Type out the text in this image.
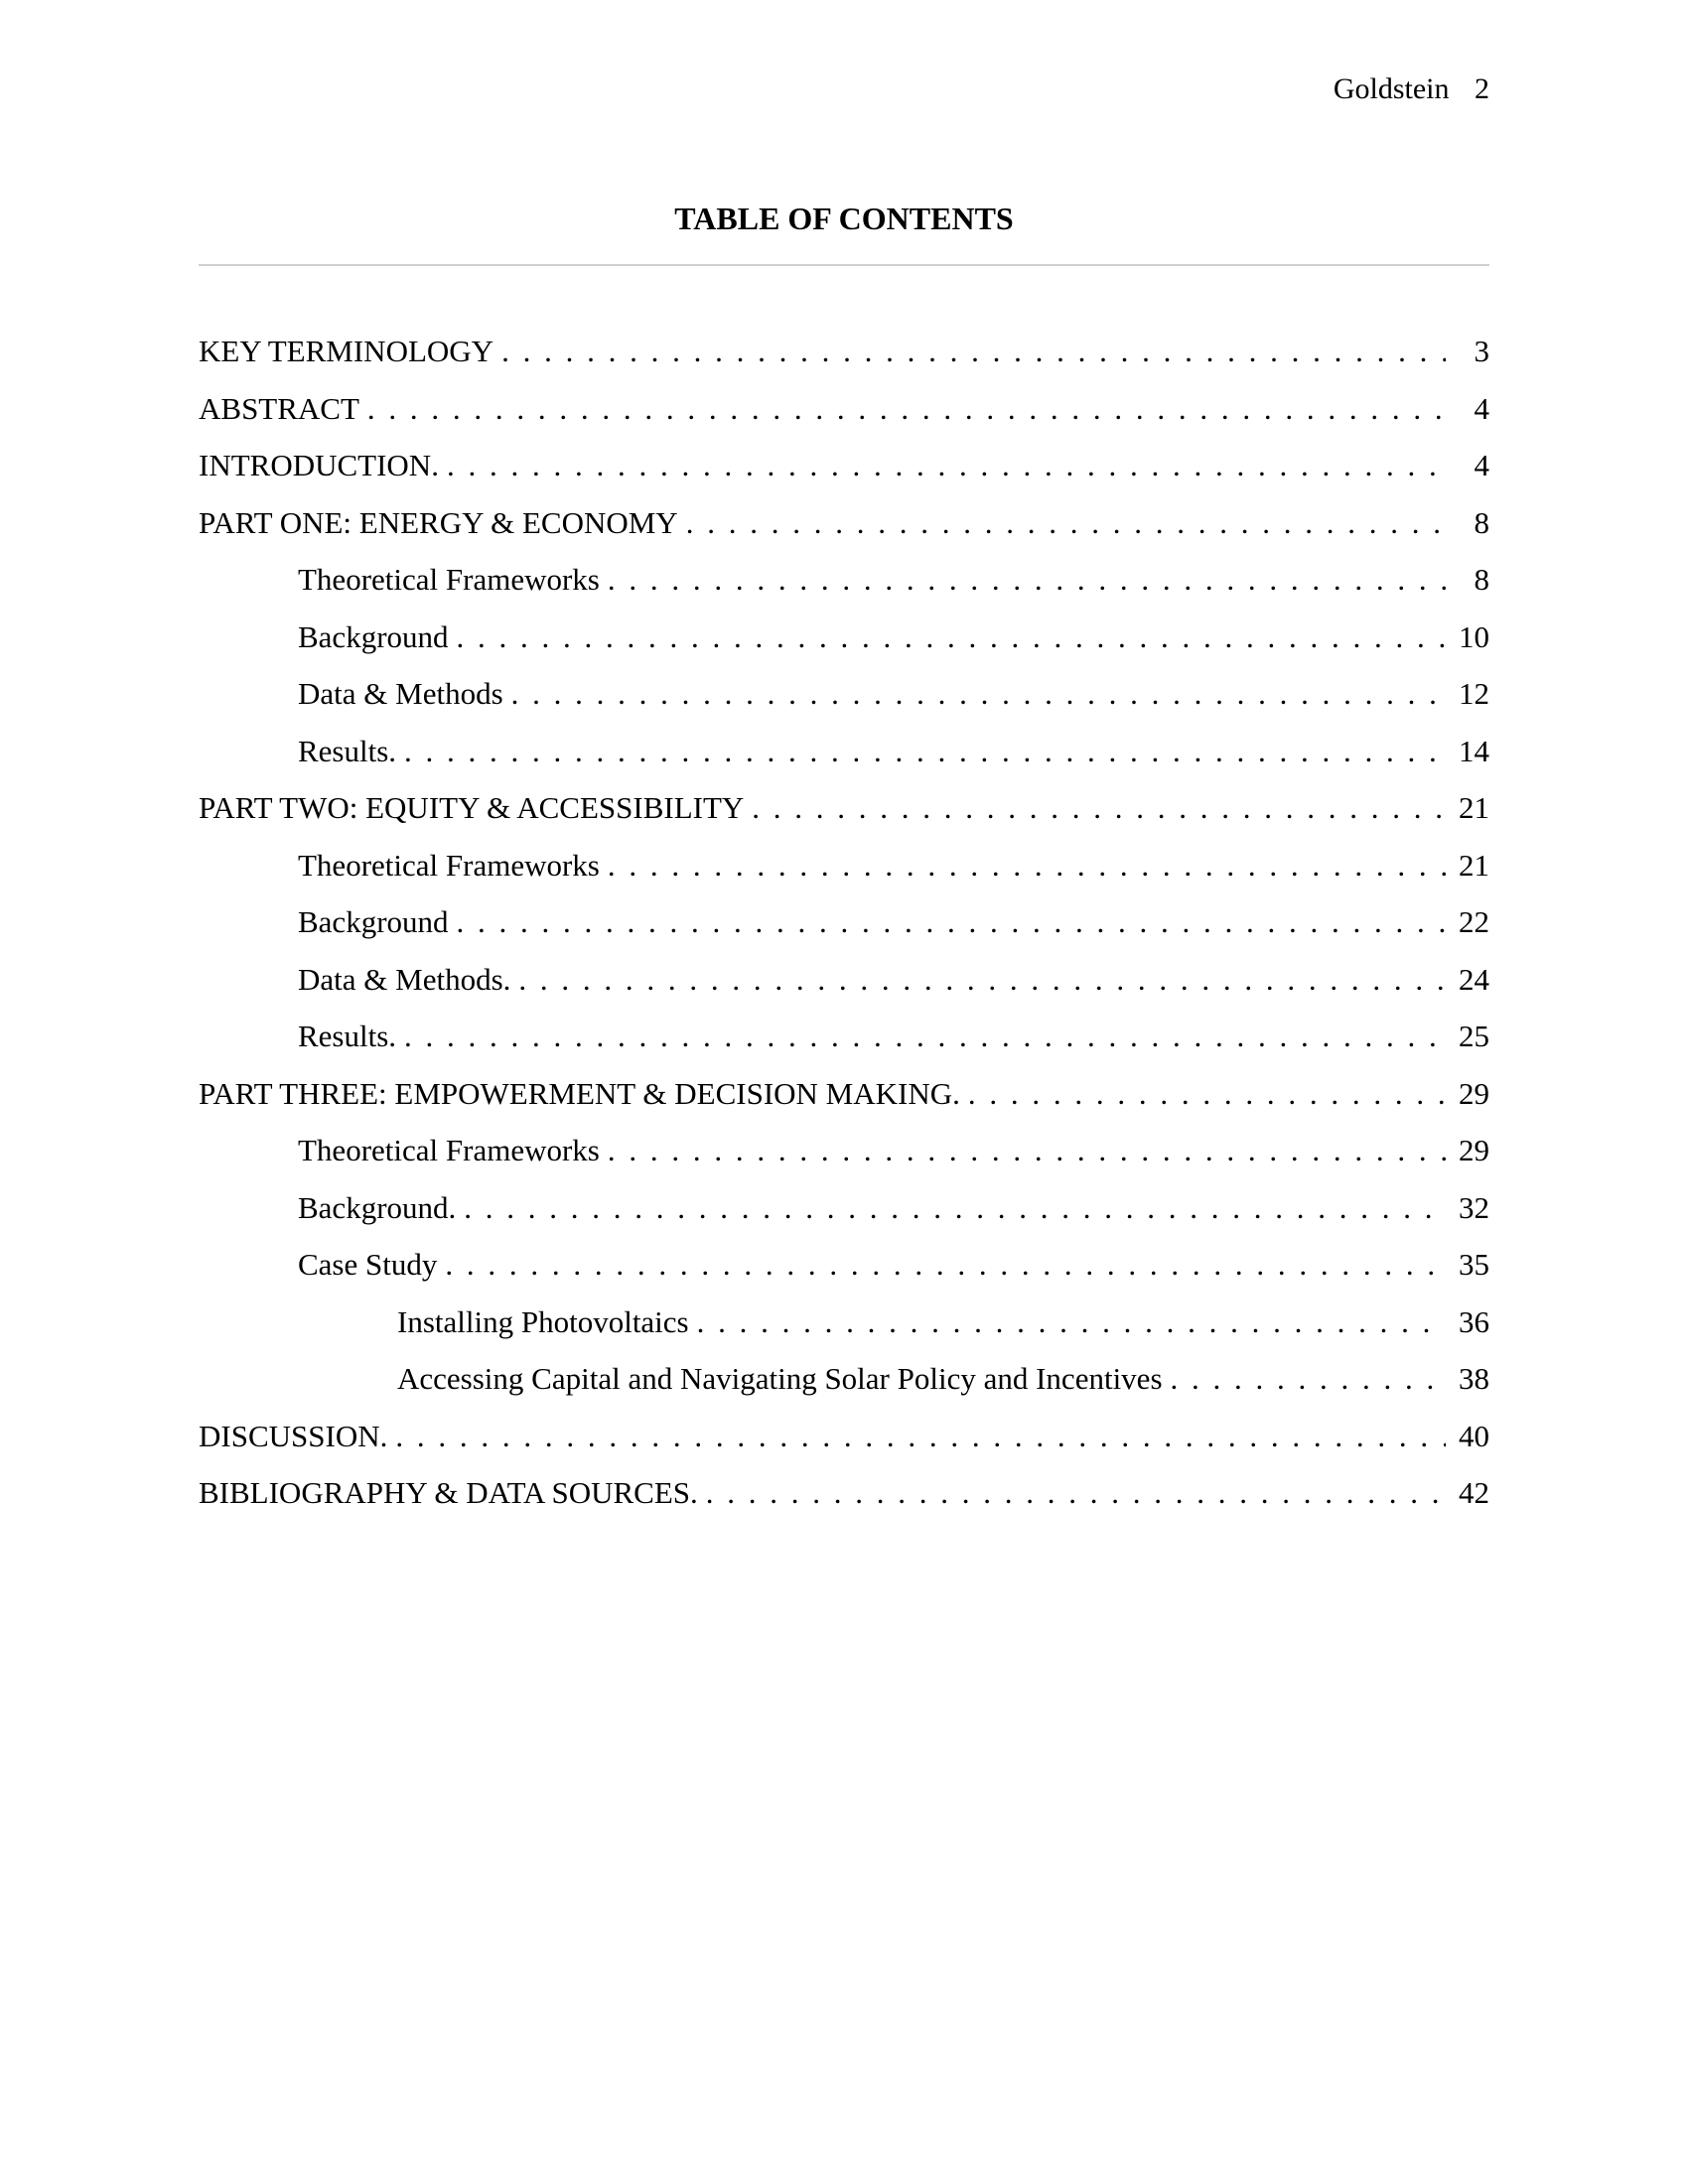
Goldstein 2
TABLE OF CONTENTS
KEY TERMINOLOGY . . .	3
ABSTRACT . . .	4
INTRODUCTION. . . .	4
PART ONE: ENERGY & ECONOMY . . .	8
Theoretical Frameworks . . .	8
Background . . .	10
Data & Methods . . .	12
Results. . . .	14
PART TWO: EQUITY & ACCESSIBILITY . . .	21
Theoretical Frameworks . . .	21
Background . . .	22
Data & Methods. . . .	24
Results. . . .	25
PART THREE: EMPOWERMENT & DECISION MAKING. . . .	29
Theoretical Frameworks . . .	29
Background. . . .	32
Case Study . . .	35
Installing Photovoltaics . . .	36
Accessing Capital and Navigating Solar Policy and Incentives . . .	38
DISCUSSION. . . .	40
BIBLIOGRAPHY & DATA SOURCES. . . .	42
